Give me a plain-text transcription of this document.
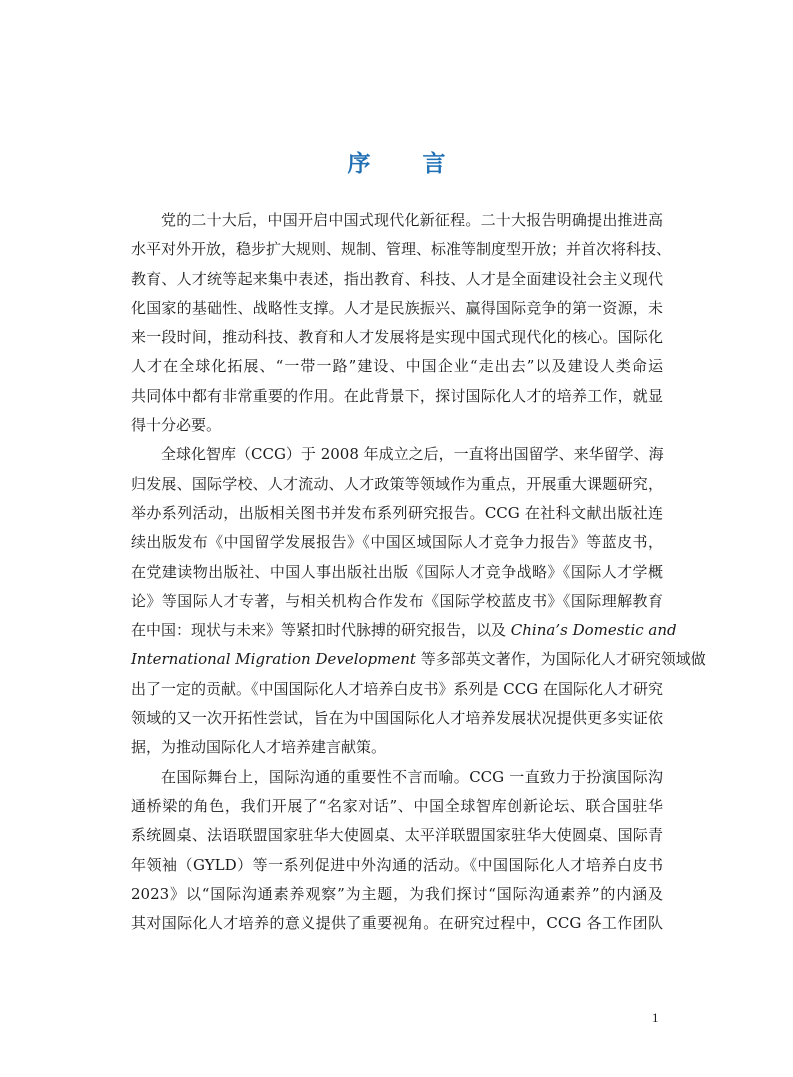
序 言
党的二十大后，中国开启中国式现代化新征程。二十大报告明确提出推进高
水平对外开放，稳步扩大规则、规制、管理、标准等制度型开放；并首次将科技、
教育、人才统等起来集中表述，指出教育、科技、人才是全面建设社会主义现代
化国家的基础性、战略性支撑。人才是民族振兴、赢得国际竞争的第一资源，未
来一段时间，推动科技、教育和人才发展将是实现中国式现代化的核心。国际化
人才在全球化拓展、“一带一路”建设、中国企业“走出去”以及建设人类命运
共同体中都有非常重要的作用。在此背景下，探讨国际化人才的培养工作，就显
得十分必要。
全球化智库（CCG）于 2008 年成立之后，一直将出国留学、来华留学、海
归发展、国际学校、人才流动、人才政策等领域作为重点，开展重大课题研究，
举办系列活动，出版相关图书并发布系列研究报告。CCG 在社科文献出版社连
续出版发布《中国留学发展报告》《中国区域国际人才竞争力报告》等蓝皮书，
在党建读物出版社、中国人事出版社出版《国际人才竞争战略》《国际人才学概
论》等国际人才专著，与相关机构合作发布《国际学校蓝皮书》《国际理解教育
在中国：现状与未来》等紧扣时代脉搏的研究报告，以及 China’s Domestic and
International Migration Development 等多部英文著作，为国际化人才研究领域做
出了一定的贡献。《中国国际化人才培养白皮书》系列是 CCG 在国际化人才研究
领域的又一次开拓性尝试，旨在为中国国际化人才培养发展状况提供更多实证依
据，为推动国际化人才培养建言献策。
在国际舞台上，国际沟通的重要性不言而喻。CCG 一直致力于扮演国际沟
通桥梁的角色，我们开展了“名家对话”、中国全球智库创新论坛、联合国驻华
系统圆桌、法语联盟国家驻华大使圆桌、太平洋联盟国家驻华大使圆桌、国际青
年领袖（GYLD）等一系列促进中外沟通的活动。《中国国际化人才培养白皮书
2023》以“国际沟通素养观察”为主题，为我们探讨“国际沟通素养”的内涵及
其对国际化人才培养的意义提供了重要视角。在研究过程中，CCG 各工作团队
1
